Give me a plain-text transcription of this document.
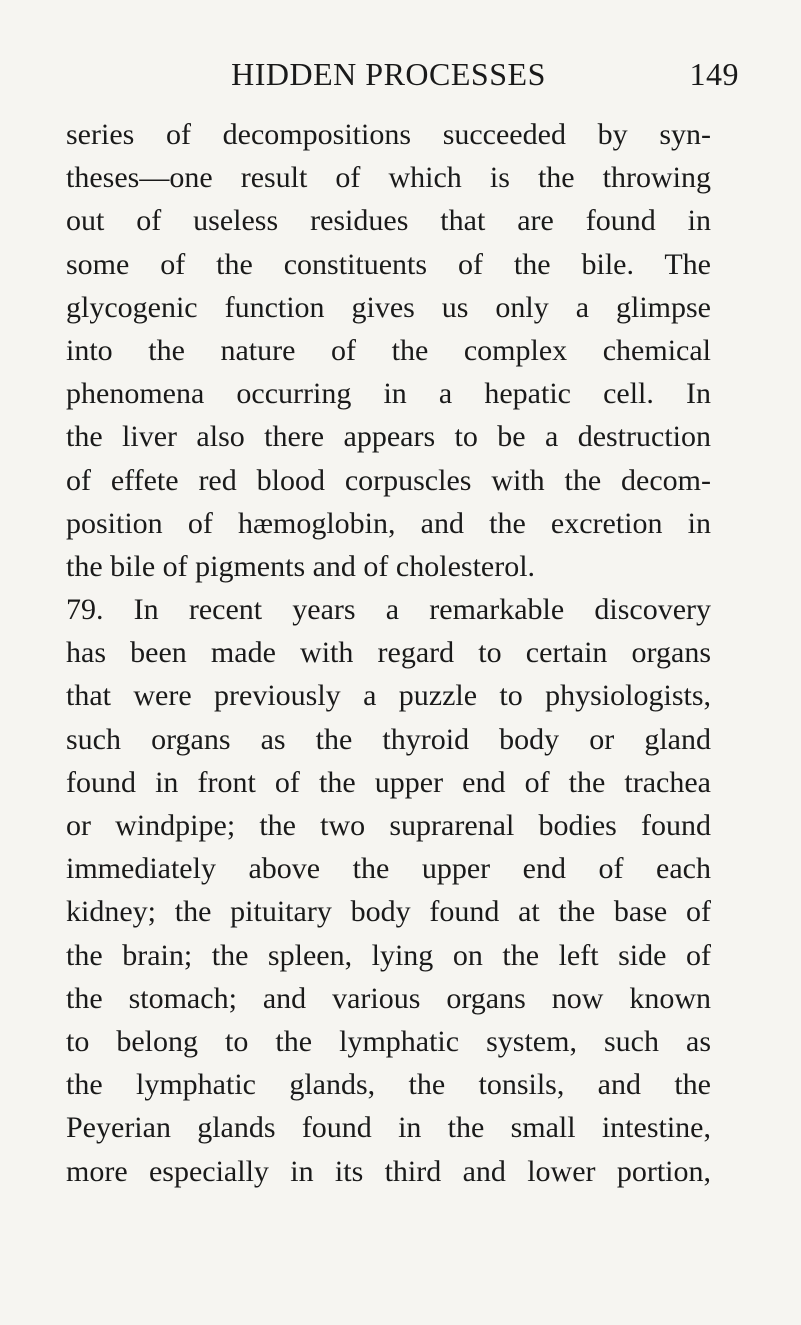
HIDDEN PROCESSES	149
series of decompositions succeeded by syn-
theses—one result of which is the throwing
out of useless residues that are found in
some of the constituents of the bile. The
glycogenic function gives us only a glimpse
into the nature of the complex chemical
phenomena occurring in a hepatic cell. In
the liver also there appears to be a destruction
of effete red blood corpuscles with the decom-
position of hæmoglobin, and the excretion in
the bile of pigments and of cholesterol.
79. In recent years a remarkable discovery
has been made with regard to certain organs
that were previously a puzzle to physiologists,
such organs as the thyroid body or gland
found in front of the upper end of the trachea
or windpipe; the two suprarenal bodies found
immediately above the upper end of each
kidney; the pituitary body found at the base of
the brain; the spleen, lying on the left side of
the stomach; and various organs now known
to belong to the lymphatic system, such as
the lymphatic glands, the tonsils, and the
Peyerian glands found in the small intestine,
more especially in its third and lower portion,
